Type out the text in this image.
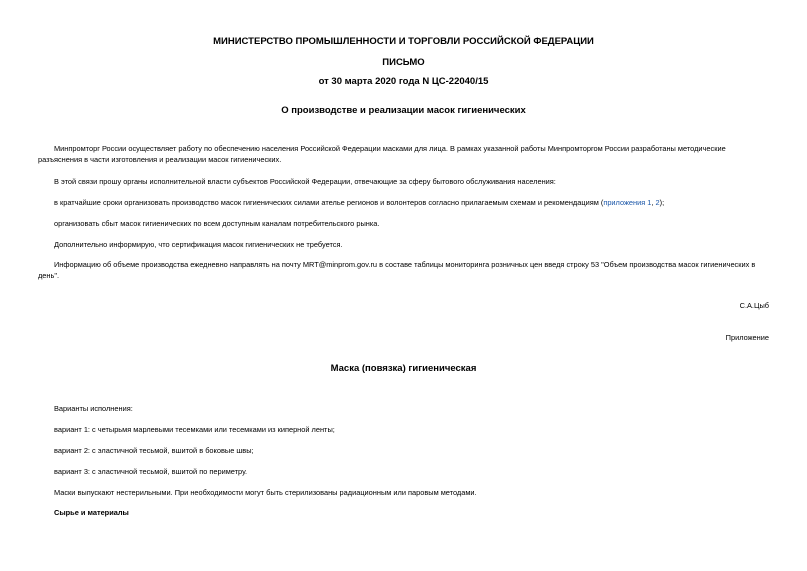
МИНИСТЕРСТВО ПРОМЫШЛЕННОСТИ И ТОРГОВЛИ РОССИЙСКОЙ ФЕДЕРАЦИИ
ПИСЬМО
от 30 марта 2020 года N ЦС-22040/15
О производстве и реализации масок гигиенических
Минпромторг России осуществляет работу по обеспечению населения Российской Федерации масками для лица. В рамках указанной работы Минпромторгом России разработаны методические разъяснения в части изготовления и реализации масок гигиенических.
В этой связи прошу органы исполнительной власти субъектов Российской Федерации, отвечающие за сферу бытового обслуживания населения:
в кратчайшие сроки организовать производство масок гигиенических силами ателье регионов и волонтеров согласно прилагаемым схемам и рекомендациям (приложения 1, 2);
организовать сбыт масок гигиенических по всем доступным каналам потребительского рынка.
Дополнительно информирую, что сертификация масок гигиенических не требуется.
Информацию об объеме производства ежедневно направлять на почту MRT@minprom.gov.ru в составе таблицы мониторинга розничных цен введя строку 53 "Объем производства масок гигиенических в день".
С.А.Цыб
Приложение
Маска (повязка) гигиеническая
Варианты исполнения:
вариант 1: с четырьмя марлевыми тесемками или тесемками из киперной ленты;
вариант 2: с эластичной тесьмой, вшитой в боковые швы;
вариант 3: с эластичной тесьмой, вшитой по периметру.
Маски выпускают нестерильными. При необходимости могут быть стерилизованы радиационным или паровым методами.
Сырье и материалы
